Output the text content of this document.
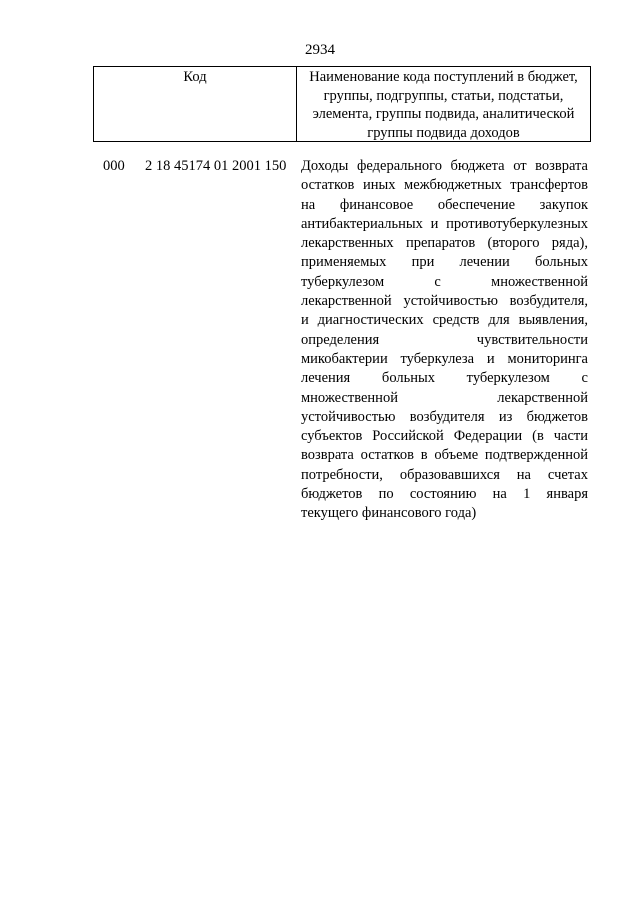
2934
Код	Наименование кода поступлений в бюджет,
группы, подгруппы, статьи, подстатьи,
элемента, группы подвида, аналитической
группы подвида доходов
000 2 18 45174 01 2001 150 Доходы федерального бюджета от возврата
остатков иных межбюджетных трансфертов
на финансовое обеспечение закупок
антибактериальных и противотуберкулезных
лекарственных препаратов (второго ряда),
применяемых при лечении больных
туберкулезом с множественной
лекарственной устойчивостью возбудителя,
и диагностических средств для выявления,
определения чувствительности
микобактерии туберкулеза и мониторинга
лечения больных туберкулезом с
множественной лекарственной
устойчивостью возбудителя из бюджетов
субъектов Российской Федерации (в части
возврата остатков в объеме подтвержденной
потребности, образовавшихся на счетах
бюджетов по состоянию на 1 января
текущего финансового года)
